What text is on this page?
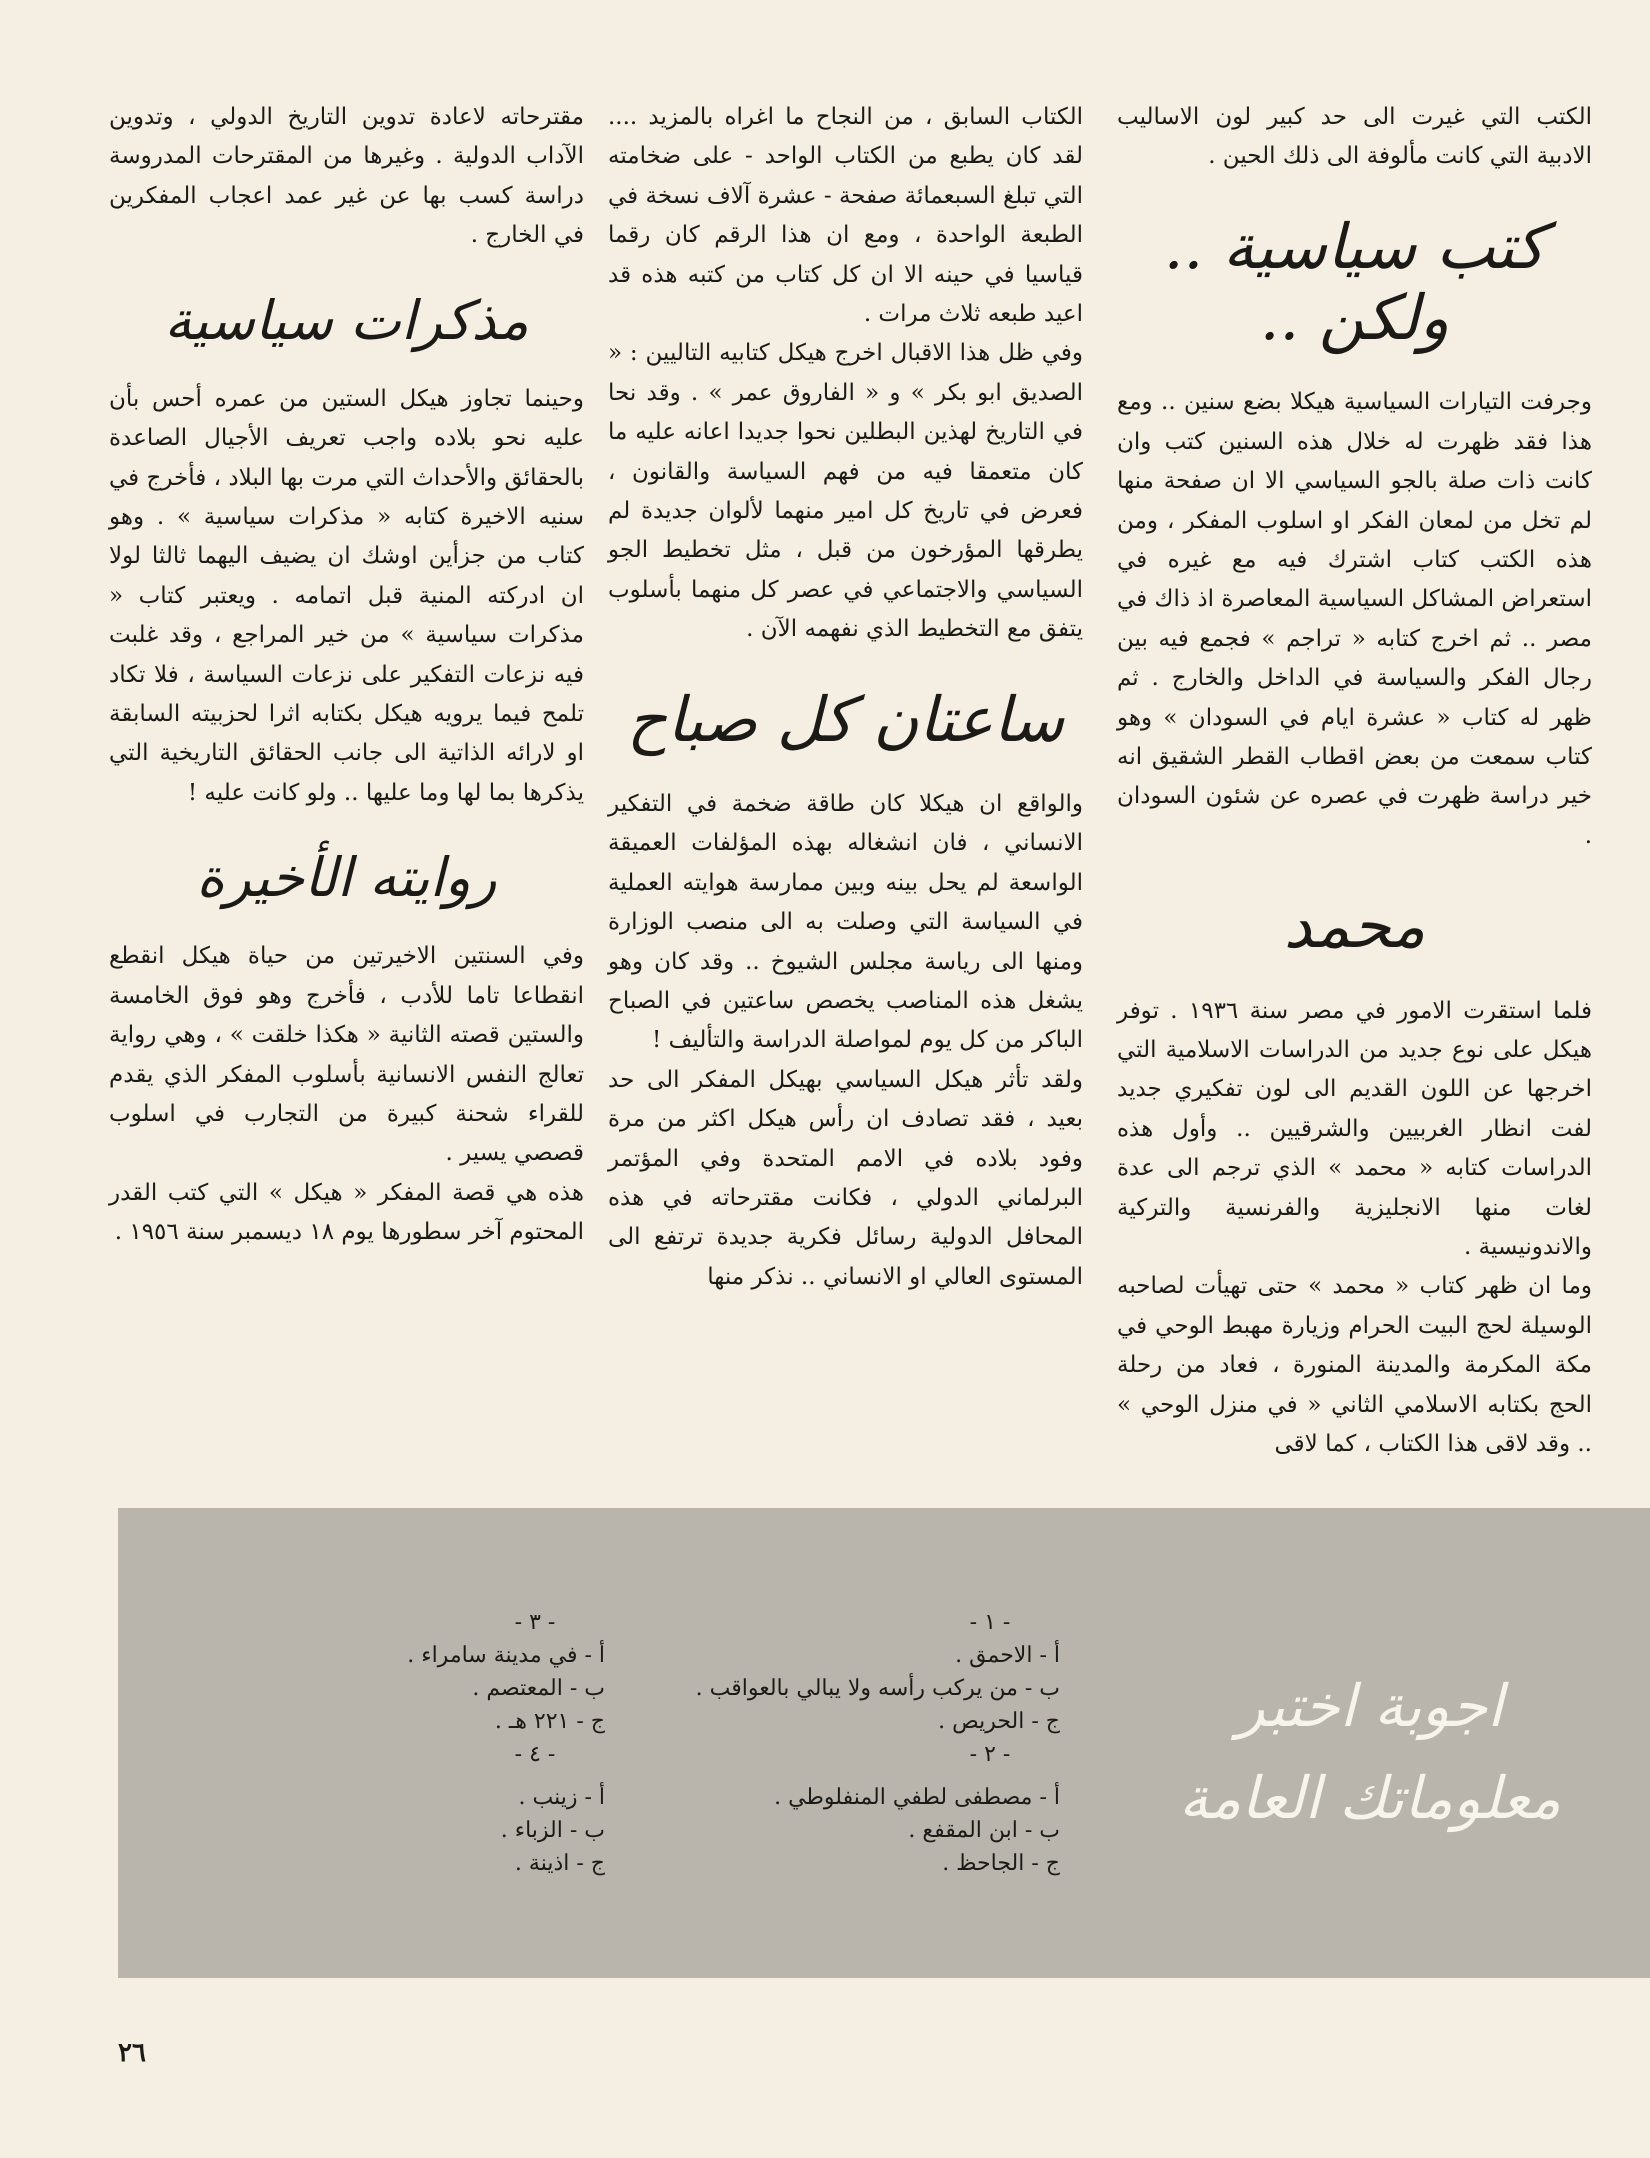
الكتب التي غيرت الى حد كبير لون الاساليب الادبية التي كانت مألوفة الى ذلك الحين .

كتب سياسية .. ولكن ..

وجرفت التيارات السياسية هيكلا بضع سنين .. ومع هذا فقد ظهرت له خلال هذه السنين كتب وان كانت ذات صلة بالجو السياسي الا ان صفحة منها لم تخل من لمعان الفكر او اسلوب المفكر ، ومن هذه الكتب كتاب اشترك فيه مع غيره في استعراض المشاكل السياسية المعاصرة اذ ذاك في مصر .. ثم اخرج كتابه « تراجم » فجمع فيه بين رجال الفكر والسياسة في الداخل والخارج . ثم ظهر له كتاب « عشرة ايام في السودان » وهو كتاب سمعت من بعض اقطاب القطر الشقيق انه خير دراسة ظهرت في عصره عن شئون السودان .

محمد

فلما استقرت الامور في مصر سنة ١٩٣٦ . توفر هيكل على نوع جديد من الدراسات الاسلامية التي اخرجها عن اللون القديم الى لون تفكيري جديد لفت انظار الغربيين والشرقيين .. وأول هذه الدراسات كتابه « محمد » الذي ترجم الى عدة لغات منها الانجليزية والفرنسية والتركية والاندونيسية .

وما ان ظهر كتاب « محمد » حتى تهيأت لصاحبه الوسيلة لحج البيت الحرام وزيارة مهبط الوحي في مكة المكرمة والمدينة المنورة ، فعاد من رحلة الحج بكتابه الاسلامي الثاني « في منزل الوحي » .. وقد لاقى هذا الكتاب ، كما لاقى

الكتاب السابق ، من النجاح ما اغراه بالمزيد .... لقد كان يطبع من الكتاب الواحد - على ضخامته التي تبلغ السبعمائة صفحة - عشرة آلاف نسخة في الطبعة الواحدة ، ومع ان هذا الرقم كان رقما قياسيا في حينه الا ان كل كتاب من كتبه هذه قد اعيد طبعه ثلاث مرات .

وفي ظل هذا الاقبال اخرج هيكل كتابيه التاليين : « الصديق ابو بكر » و « الفاروق عمر » . وقد نحا في التاريخ لهذين البطلين نحوا جديدا اعانه عليه ما كان متعمقا فيه من فهم السياسة والقانون ، فعرض في تاريخ كل امير منهما لألوان جديدة لم يطرقها المؤرخون من قبل ، مثل تخطيط الجو السياسي والاجتماعي في عصر كل منهما بأسلوب يتفق مع التخطيط الذي نفهمه الآن .

ساعتان كل صباح

والواقع ان هيكلا كان طاقة ضخمة في التفكير الانساني ، فان انشغاله بهذه المؤلفات العميقة الواسعة لم يحل بينه وبين ممارسة هوايته العملية في السياسة التي وصلت به الى منصب الوزارة ومنها الى رياسة مجلس الشيوخ .. وقد كان وهو يشغل هذه المناصب يخصص ساعتين في الصباح الباكر من كل يوم لمواصلة الدراسة والتأليف !

ولقد تأثر هيكل السياسي بهيكل المفكر الى حد بعيد ، فقد تصادف ان رأس هيكل اكثر من مرة وفود بلاده في الامم المتحدة وفي المؤتمر البرلماني الدولي ، فكانت مقترحاته في هذه المحافل الدولية رسائل فكرية جديدة ترتفع الى المستوى العالي او الانساني .. نذكر منها

مقترحاته لاعادة تدوين التاريخ الدولي ، وتدوين الآداب الدولية . وغيرها من المقترحات المدروسة دراسة كسب بها عن غير عمد اعجاب المفكرين في الخارج .

مذكرات سياسية

وحينما تجاوز هيكل الستين من عمره أحس بأن عليه نحو بلاده واجب تعريف الأجيال الصاعدة بالحقائق والأحداث التي مرت بها البلاد ، فأخرج في سنيه الاخيرة كتابه « مذكرات سياسية » . وهو كتاب من جزأين اوشك ان يضيف اليهما ثالثا لولا ان ادركته المنية قبل اتمامه . ويعتبر كتاب « مذكرات سياسية » من خير المراجع ، وقد غلبت فيه نزعات التفكير على نزعات السياسة ، فلا تكاد تلمح فيما يرويه هيكل بكتابه اثرا لحزبيته السابقة او لارائه الذاتية الى جانب الحقائق التاريخية التي يذكرها بما لها وما عليها .. ولو كانت عليه !

روايته الأخيرة

وفي السنتين الاخيرتين من حياة هيكل انقطع انقطاعا تاما للأدب ، فأخرج وهو فوق الخامسة والستين قصته الثانية « هكذا خلقت » ، وهي رواية تعالج النفس الانسانية بأسلوب المفكر الذي يقدم للقراء شحنة كبيرة من التجارب في اسلوب قصصي يسير .

هذه هي قصة المفكر « هيكل » التي كتب القدر المحتوم آخر سطورها يوم ١٨ ديسمبر سنة ١٩٥٦ .

اجوبة اختبر
معلوماتك العامة
- ١ -
أ - الاحمق .
ب - من يركب رأسه ولا يبالي بالعواقب .
ج - الحريص .
- ٢ -
أ - مصطفى لطفي المنفلوطي .
ب - ابن المقفع .
ج - الجاحظ .
- ٣ -
أ - في مدينة سامراء .
ب - المعتصم .
ج - ٢٢١ هـ .
- ٤ -
أ - زينب .
ب - الزباء .
ج - اذينة .
٢٦
